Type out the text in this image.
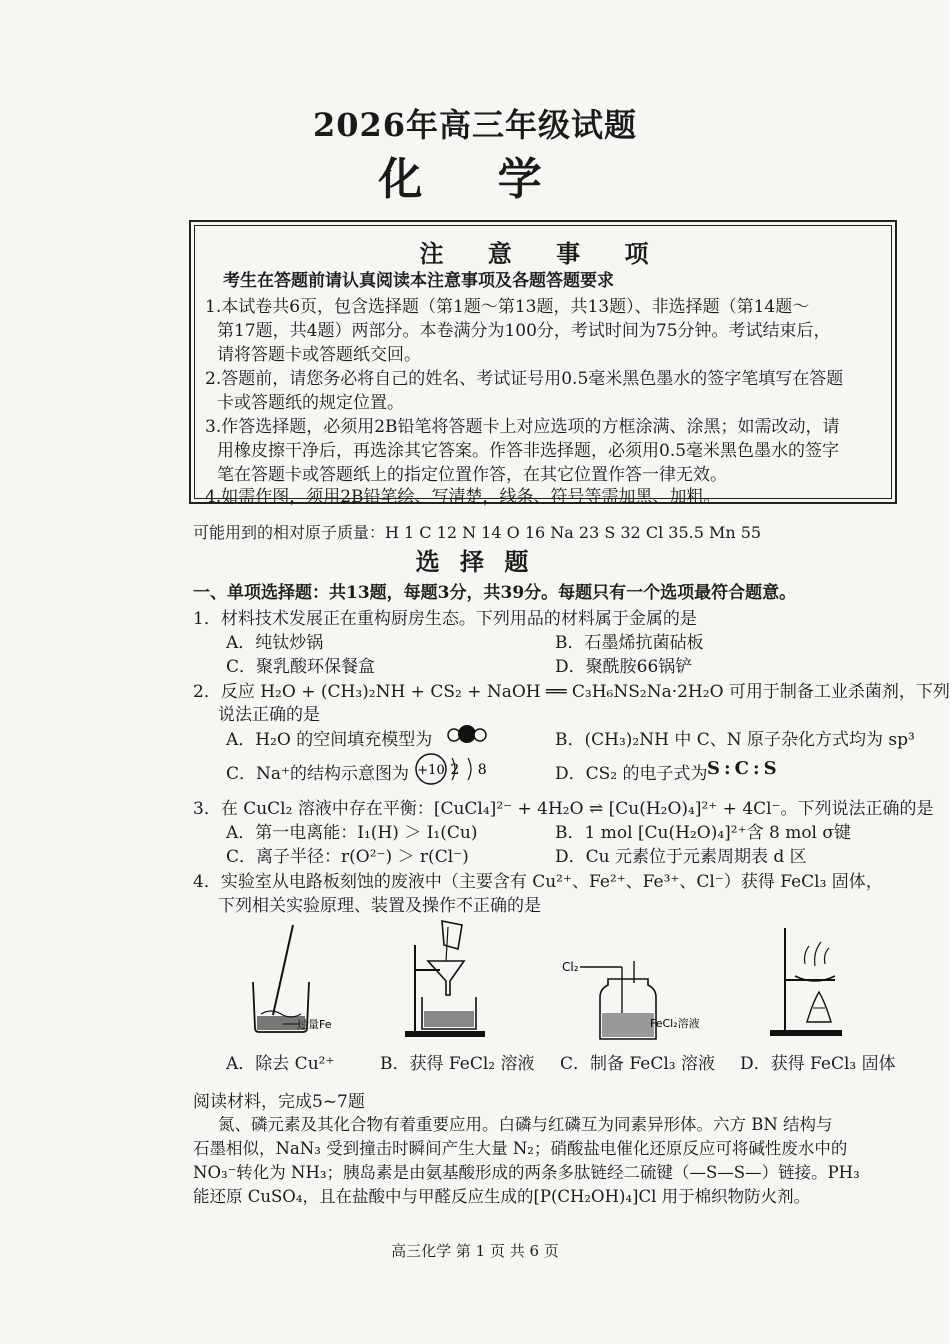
2026年高三年级试题
化 学
注 意 事 项
考生在答题前请认真阅读本注意事项及各题答题要求
1.本试卷共6页，包含选择题（第1题～第13题，共13题）、非选择题（第14题～
第17题，共4题）两部分。本卷满分为100分，考试时间为75分钟。考试结束后，
请将答题卡或答题纸交回。
2.答题前，请您务必将自己的姓名、考试证号用0.5毫米黑色墨水的签字笔填写在答题
卡或答题纸的规定位置。
3.作答选择题，必须用2B铅笔将答题卡上对应选项的方框涂满、涂黑；如需改动，请
用橡皮擦干净后，再选涂其它答案。作答非选择题，必须用0.5毫米黑色墨水的签字
笔在答题卡或答题纸上的指定位置作答，在其它位置作答一律无效。
4.如需作图，须用2B铅笔绘、写清楚，线条、符号等需加黑、加粗。
可能用到的相对原子质量：H 1 C 12 N 14 O 16 Na 23 S 32 Cl 35.5 Mn 55
选 择 题
一、单项选择题：共13题，每题3分，共39分。每题只有一个选项最符合题意。
1．材料技术发展正在重构厨房生态。下列用品的材料属于金属的是
A．纯钛炒锅	B．石墨烯抗菌砧板
C．聚乳酸环保餐盒	D．聚酰胺66锅铲
2．反应 H₂O + (CH₃)₂NH + CS₂ + NaOH ══ C₃H₆NS₂Na·2H₂O 可用于制备工业杀菌剂，下列
说法正确的是
A．H₂O 的空间填充模型为	B．(CH₃)₂NH 中 C、N 原子杂化方式均为 sp³
C．Na⁺的结构示意图为 +10 2 8	D．CS₂ 的电子式为 S:C:S
3．在 CuCl₂ 溶液中存在平衡：[CuCl₄]²⁻ + 4H₂O ⇌ [Cu(H₂O)₄]²⁺ + 4Cl⁻。下列说法正确的是
A．第一电离能：I₁(H) ＞ I₁(Cu)	B．1 mol [Cu(H₂O)₄]²⁺含 8 mol σ键
C．离子半径：r(O²⁻) ＞ r(Cl⁻)	D．Cu 元素位于元素周期表 d 区
4．实验室从电路板刻蚀的废液中（主要含有 Cu²⁺、Fe²⁺、Fe³⁺、Cl⁻）获得 FeCl₃ 固体，
下列相关实验原理、装置及操作不正确的是
过量Fe
Cl₂
FeCl₂溶液
A．除去 Cu²⁺	B．获得 FeCl₂ 溶液 C．制备 FeCl₃ 溶液 D．获得 FeCl₃ 固体
阅读材料，完成5~7题
氮、磷元素及其化合物有着重要应用。白磷与红磷互为同素异形体。六方 BN 结构与
石墨相似，NaN₃ 受到撞击时瞬间产生大量 N₂；硝酸盐电催化还原反应可将碱性废水中的
NO₃⁻转化为 NH₃；胰岛素是由氨基酸形成的两条多肽链经二硫键（—S—S—）链接。PH₃
能还原 CuSO₄，且在盐酸中与甲醛反应生成的[P(CH₂OH)₄]Cl 用于棉织物防火剂。
高三化学 第 1 页 共 6 页
